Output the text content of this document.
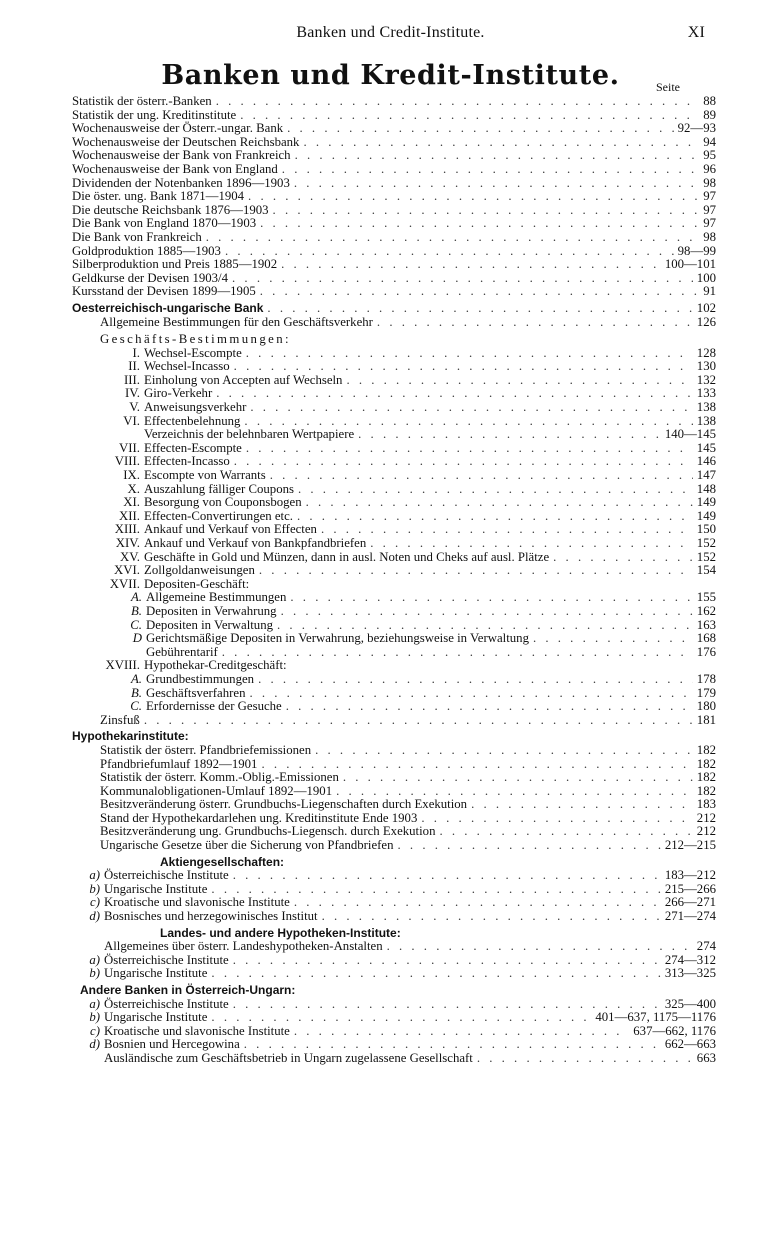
Banken und Credit-Institute.	XI
Banken und Kredit-Institute.	Seite
Statistik der österr.-Banken . . .	88
Statistik der ung. Kreditinstitute . . .	89
Wochenausweise der Österr.-ungar. Bank . . .	92—93
Wochenausweise der Deutschen Reichsbank . . .	94
Wochenausweise der Bank von Frankreich . . .	95
Wochenausweise der Bank von England . . .	96
Dividenden der Notenbanken 1896—1903 . . .	98
Die öster. ung. Bank 1871—1904 . . .	97
Die deutsche Reichsbank 1876—1903 . . .	97
Die Bank von England 1870—1903 . . .	97
Die Bank von Frankreich . . .	98
Goldproduktion 1885—1903 . . .	98—99
Silberproduktion und Preis 1885—1902 . . .	100—101
Geldkurse der Devisen 1903/4 . . .	100
Kursstand der Devisen 1899—1905 . . .	91
Oesterreichisch-ungarische Bank . . .	102
Allgemeine Bestimmungen für den Geschäftsverkehr . . .	126
Geschäfts-Bestimmungen:
I. Wechsel-Escompte . . .	128
II. Wechsel-Incasso . . .	130
III. Einholung von Accepten auf Wechseln . . .	132
IV. Giro-Verkehr . . .	133
V. Anweisungsverkehr . . .	138
VI. Effectenbelehnung . . .	138
Verzeichnis der belehnbaren Wertpapiere . . .	140—145
VII. Effecten-Escompte . . .	145
VIII. Effecten-Incasso . . .	146
IX. Escompte von Warrants . . .	147
X. Auszahlung fälliger Coupons . . .	148
XI. Besorgung von Couponsbogen . . .	149
XII. Effecten-Convertirungen etc. . . .	149
XIII. Ankauf und Verkauf von Effecten . . .	150
XIV. Ankauf und Verkauf von Bankpfandbriefen . . .	152
XV. Geschäfte in Gold und Münzen, dann in ausl. Noten und Cheks auf ausl. Plätze . . .	152
XVI. Zollgoldanweisungen . . .	154
XVII. Depositen-Geschäft:
A. Allgemeine Bestimmungen . . .	155
B. Depositen in Verwahrung . . .	162
C. Depositen in Verwaltung . . .	163
D Gerichtsmäßige Depositen in Verwahrung, beziehungsweise in Verwaltung . . .	168
Gebührentarif . . .	176
XVIII. Hypothekar-Creditgeschäft:
A. Grundbestimmungen . . .	178
B. Geschäftsverfahren . . .	179
C. Erfordernisse der Gesuche . . .	180
Zinsfuß . . .	181
Hypothekarinstitute:
Statistik der österr. Pfandbriefemissionen . . .	182
Pfandbriefumlauf 1892—1901 . . .	182
Statistik der österr. Komm.-Oblig.-Emissionen . . .	182
Kommunalobligationen-Umlauf 1892—1901 . . .	182
Besitzveränderung österr. Grundbuchs-Liegenschaften durch Exekution . . .	183
Stand der Hypothekardarlehen ung. Kreditinstitute Ende 1903 . . .	212
Besitzveränderung ung. Grundbuchs-Liegensch. durch Exekution . . .	212
Ungarische Gesetze über die Sicherung von Pfandbriefen . . .	212—215
Aktiengesellschaften:
a) Österreichische Institute . . .	183—212
b) Ungarische Institute . . .	215—266
c) Kroatische und slavonische Institute . . .	266—271
d) Bosnisches und herzegowinisches Institut . . .	271—274
Landes- und andere Hypotheken-Institute:
Allgemeines über österr. Landeshypotheken-Anstalten . . .	274
a) Österreichische Institute . . .	274—312
b) Ungarische Institute . . .	313—325
Andere Banken in Österreich-Ungarn:
a) Österreichische Institute . . .	325—400
b) Ungarische Institute . . .	401—637, 1175—1176
c) Kroatische und slavonische Institute . . .	637—662, 1176
d) Bosnien und Hercegowina . . .	662—663
Ausländische zum Geschäftsbetrieb in Ungarn zugelassene Gesellschaft . . .	663
